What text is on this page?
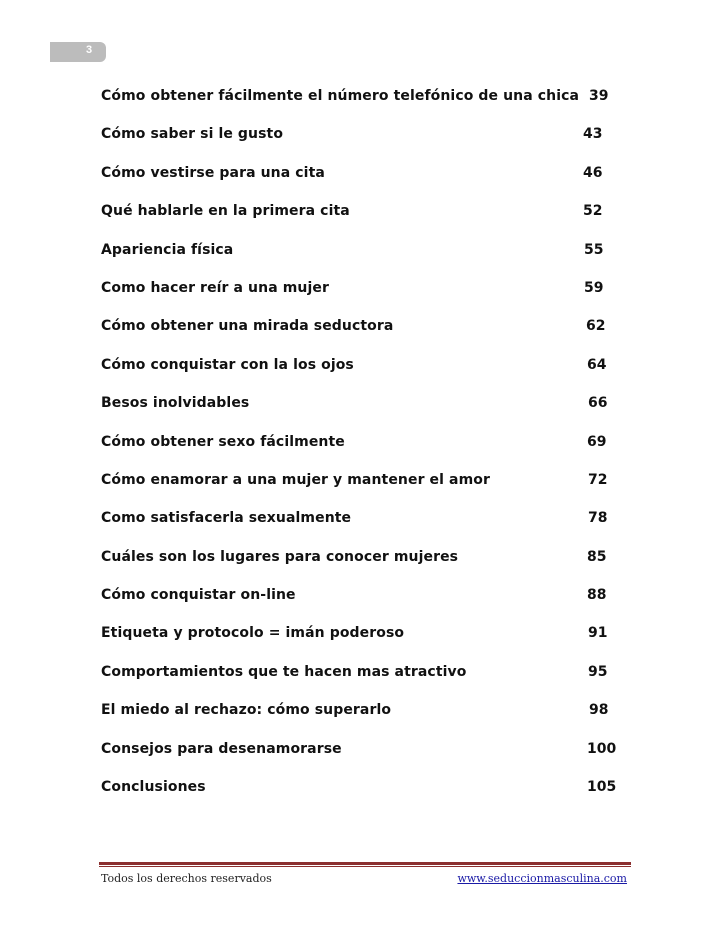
3
Cómo obtener fácilmente el número telefónico de una chica 39
Cómo saber si le gusto	43
Cómo vestirse para una cita	46
Qué hablarle en la primera cita	52
Apariencia física	55
Como hacer reír a una mujer	59
Cómo obtener una mirada seductora	62
Cómo conquistar con la los ojos	64
Besos inolvidables	66
Cómo obtener sexo fácilmente	69
Cómo enamorar a una mujer y mantener el amor	72
Como satisfacerla sexualmente	78
Cuáles son los lugares para conocer mujeres	85
Cómo conquistar on-line	88
Etiqueta y protocolo = imán poderoso	91
Comportamientos que te hacen mas atractivo	95
El miedo al rechazo: cómo superarlo	98
Consejos para desenamorarse	100
Conclusiones	105
Todos los derechos reservados	www.seduccionmasculina.com
